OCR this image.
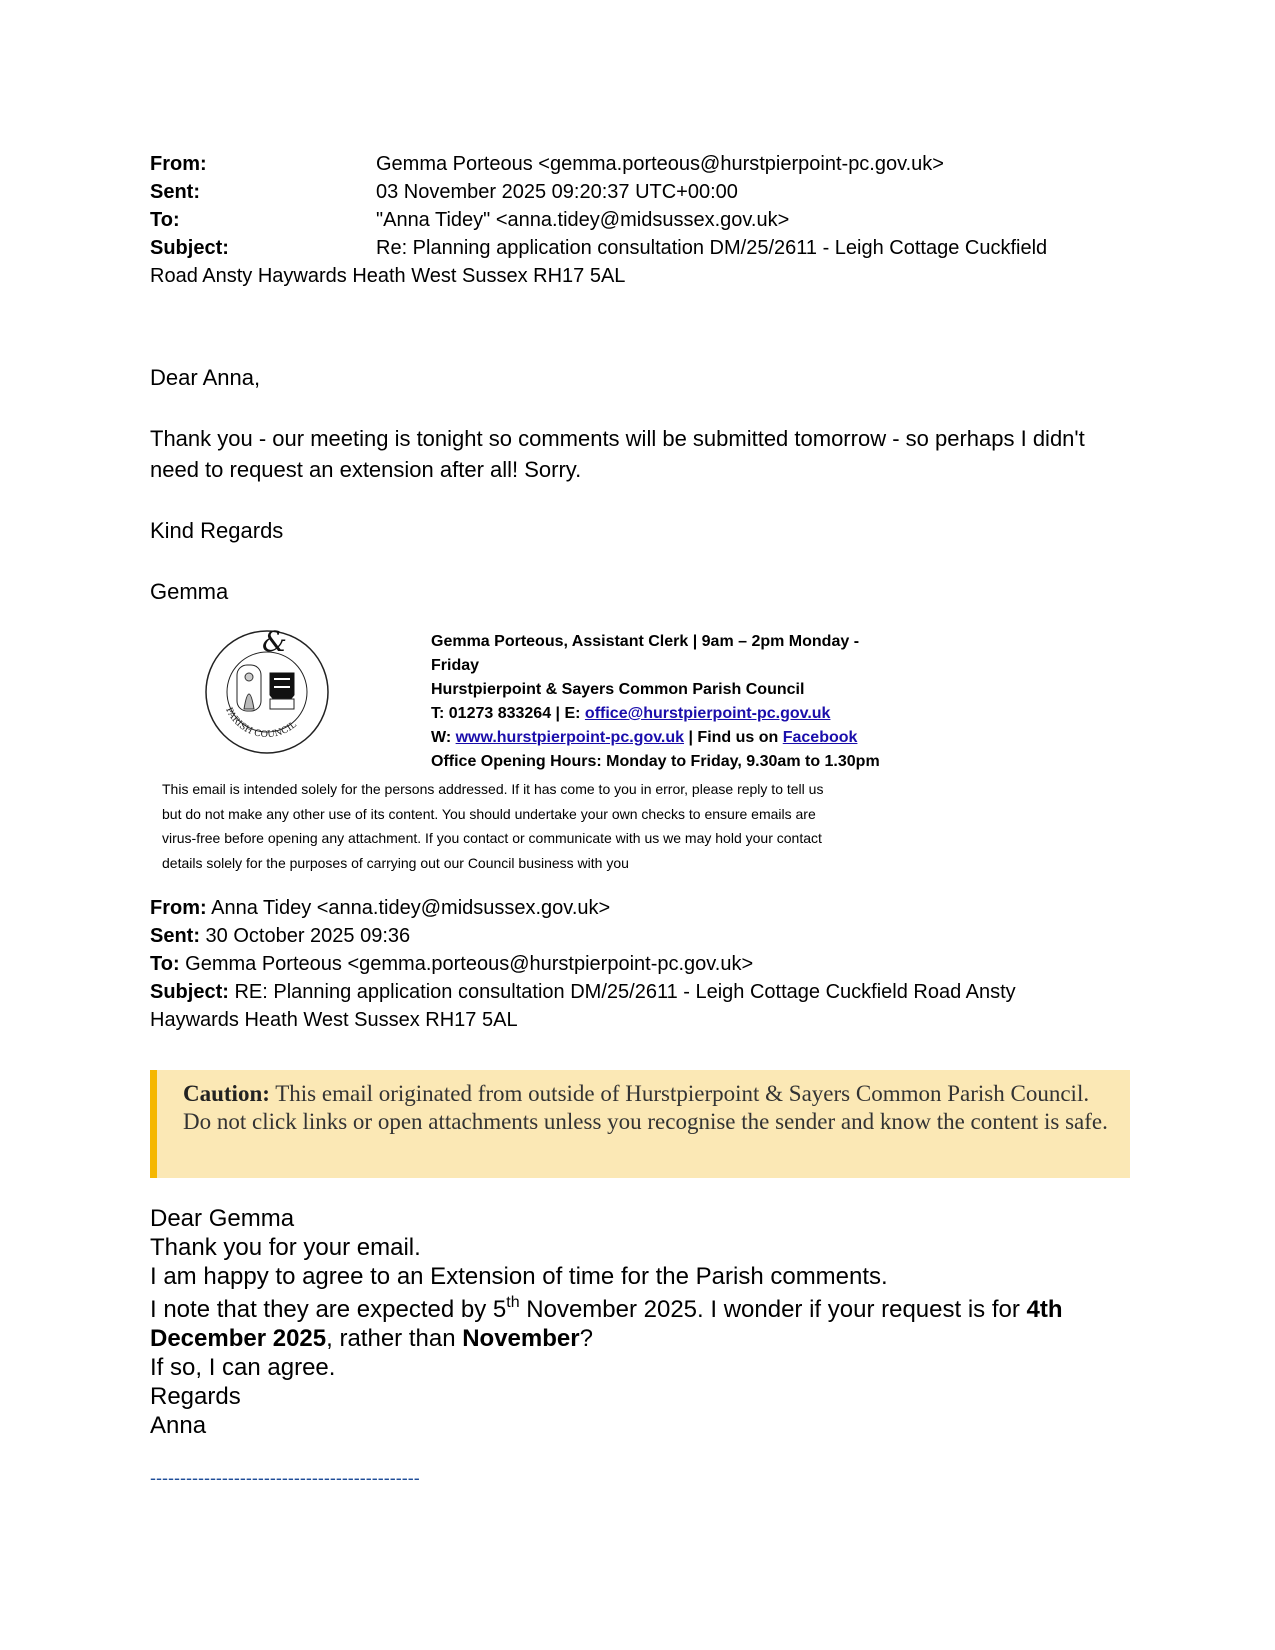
From:	Gemma Porteous <gemma.porteous@hurstpierpoint-pc.gov.uk>
Sent:	03 November 2025 09:20:37 UTC+00:00
To:	"Anna Tidey" <anna.tidey@midsussex.gov.uk>
Subject:	Re: Planning application consultation DM/25/2611 - Leigh Cottage Cuckfield
Road Ansty Haywards Heath West Sussex RH17 5AL

Dear Anna,

Thank you - our meeting is tonight so comments will be submitted tomorrow - so perhaps I didn't need to request an extension after all! Sorry.

Kind Regards

Gemma

PARISH COUNCIL
&	Gemma Porteous, Assistant Clerk | 9am – 2pm Monday -
Friday
Hurstpierpoint & Sayers Common Parish Council
T: 01273 833264 | E: office@hurstpierpoint-pc.gov.uk
W: www.hurstpierpoint-pc.gov.uk | Find us on Facebook
Office Opening Hours: Monday to Friday, 9.30am to 1.30pm
This email is intended solely for the persons addressed. If it has come to you in error, please reply to tell us
but do not make any other use of its content. You should undertake your own checks to ensure emails are
virus-free before opening any attachment. If you contact or communicate with us we may hold your contact
details solely for the purposes of carrying out our Council business with you
From: Anna Tidey <anna.tidey@midsussex.gov.uk>
Sent: 30 October 2025 09:36
To: Gemma Porteous <gemma.porteous@hurstpierpoint-pc.gov.uk>
Subject: RE: Planning application consultation DM/25/2611 - Leigh Cottage Cuckfield Road Ansty Haywards Heath West Sussex RH17 5AL
Caution: This email originated from outside of Hurstpierpoint & Sayers Common Parish Council. Do not click links or open attachments unless you recognise the sender and know the content is safe.
Dear Gemma
Thank you for your email.
I am happy to agree to an Extension of time for the Parish comments.
I note that they are expected by 5th November 2025. I wonder if your request is for 4th December 2025, rather than November?
If so, I can agree.
Regards
Anna
---------------------------------------------
